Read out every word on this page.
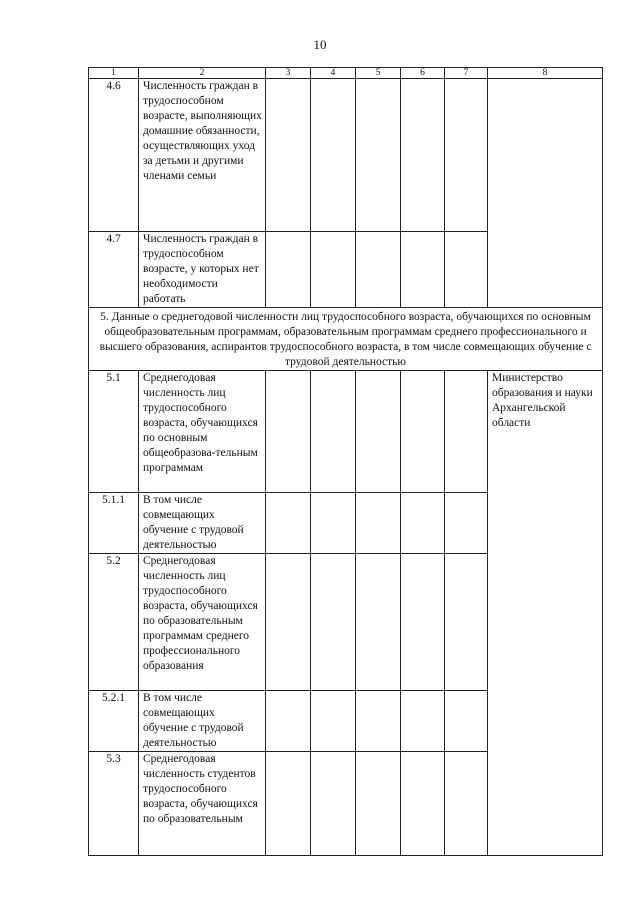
10
1	2	3	4	5	6	7	8
4.6	Численность граждан в трудоспособном возрасте, выполняющих домашние обязанности, осуществляющих уход за детьми и другими членами семьи						
4.7	Численность граждан в трудоспособном возрасте, у которых нет необходимости работать						
5. Данные о среднегодовой численности лиц трудоспособного возраста, обучающихся по основным общеобразовательным программам, образовательным программам среднего профессионального и высшего образования, аспирантов трудоспособного возраста, в том числе совмещающих обучение с трудовой деятельностью							
5.1	Среднегодовая численность лиц трудоспособного возраста, обучающихся по основным общеобразова-тельным программам						Министерство образования и науки Архангельской области
5.1.1	В том числе совмещающих обучение с трудовой деятельностью						
5.2	Среднегодовая численность лиц трудоспособного возраста, обучающихся по образовательным программам среднего профессионального образования						
5.2.1	В том числе совмещающих обучение с трудовой деятельностью						
5.3	Среднегодовая численность студентов трудоспособного возраста, обучающихся по образовательным						
